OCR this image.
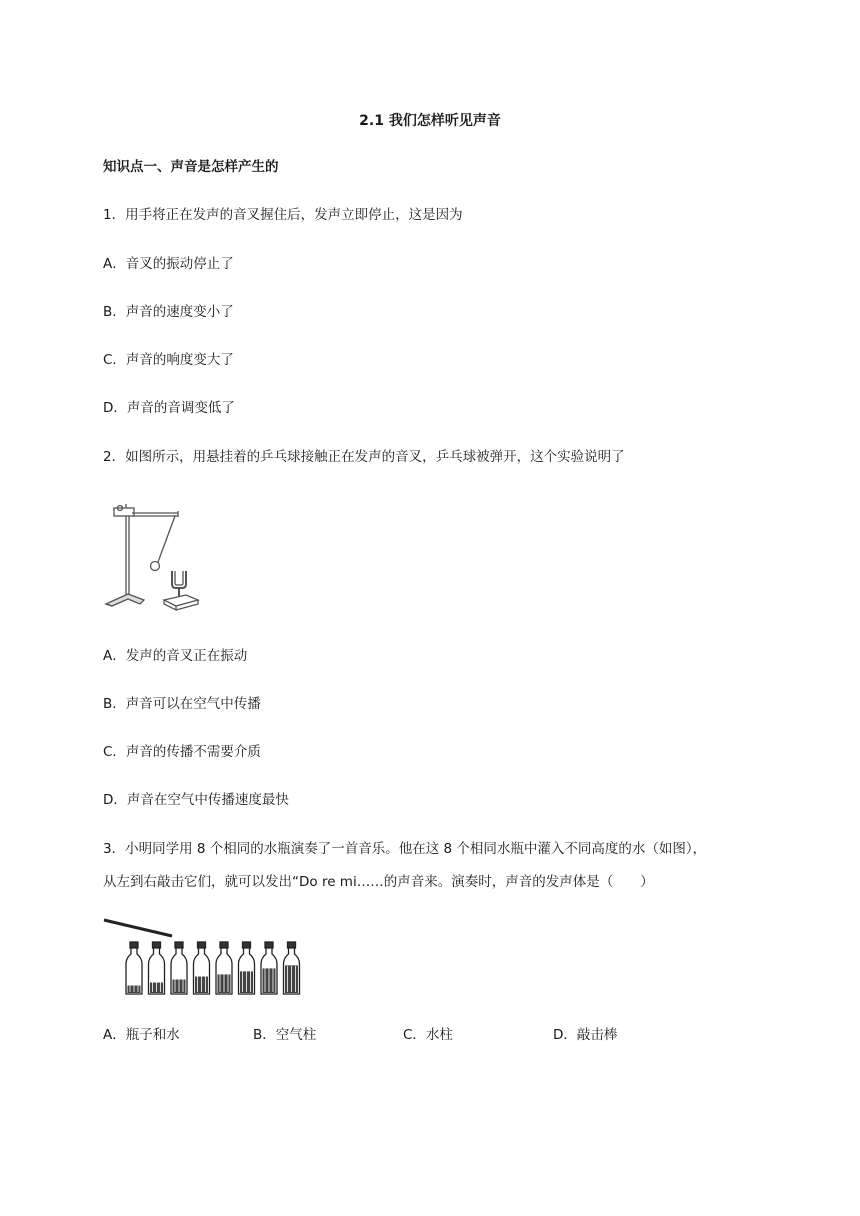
2.1 我们怎样听见声音
知识点一、声音是怎样产生的
1．用手将正在发声的音叉握住后，发声立即停止，这是因为
A．音叉的振动停止了
B．声音的速度变小了
C．声音的响度变大了
D．声音的音调变低了
2．如图所示，用悬挂着的乒乓球接触正在发声的音叉，乒乓球被弹开，这个实验说明了
A．发声的音叉正在振动
B．声音可以在空气中传播
C．声音的传播不需要介质
D．声音在空气中传播速度最快
3．小明同学用 8 个相同的水瓶演奏了一首音乐。他在这 8 个相同水瓶中灌入不同高度的水（如图），
从左到右敲击它们，就可以发出“Do re mi……的声音来。演奏时，声音的发声体是（　　）
A．瓶子和水	B．空气柱	C．水柱	D．敲击棒
